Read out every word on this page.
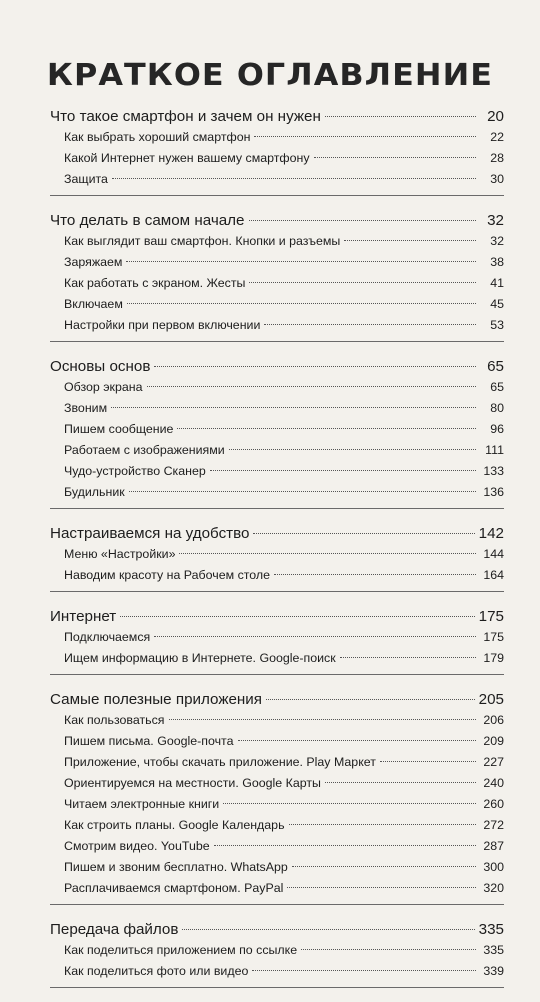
КРАТКОЕ ОГЛАВЛЕНИЕ
Что такое смартфон и зачем он нужен	20
Как выбрать хороший смартфон	22
Какой Интернет нужен вашему смартфону	28
Защита	30
Что делать в самом начале	32
Как выглядит ваш смартфон. Кнопки и разъемы	32
Заряжаем	38
Как работать с экраном. Жесты	41
Включаем	45
Настройки при первом включении	53
Основы основ	65
Обзор экрана	65
Звоним	80
Пишем сообщение	96
Работаем с изображениями	111
Чудо-устройство Сканер	133
Будильник	136
Настраиваемся на удобство	142
Меню «Настройки»	144
Наводим красоту на Рабочем столе	164
Интернет	175
Подключаемся	175
Ищем информацию в Интернете. Google-поиск	179
Самые полезные приложения	205
Как пользоваться	206
Пишем письма. Google-почта	209
Приложение, чтобы скачать приложение. Play Маркет	227
Ориентируемся на местности. Google Карты	240
Читаем электронные книги	260
Как строить планы. Google Календарь	272
Смотрим видео. YouTube	287
Пишем и звоним бесплатно. WhatsApp	300
Расплачиваемся смартфоном. PayPal	320
Передача файлов	335
Как поделиться приложением по ссылке	335
Как поделиться фото или видео	339
